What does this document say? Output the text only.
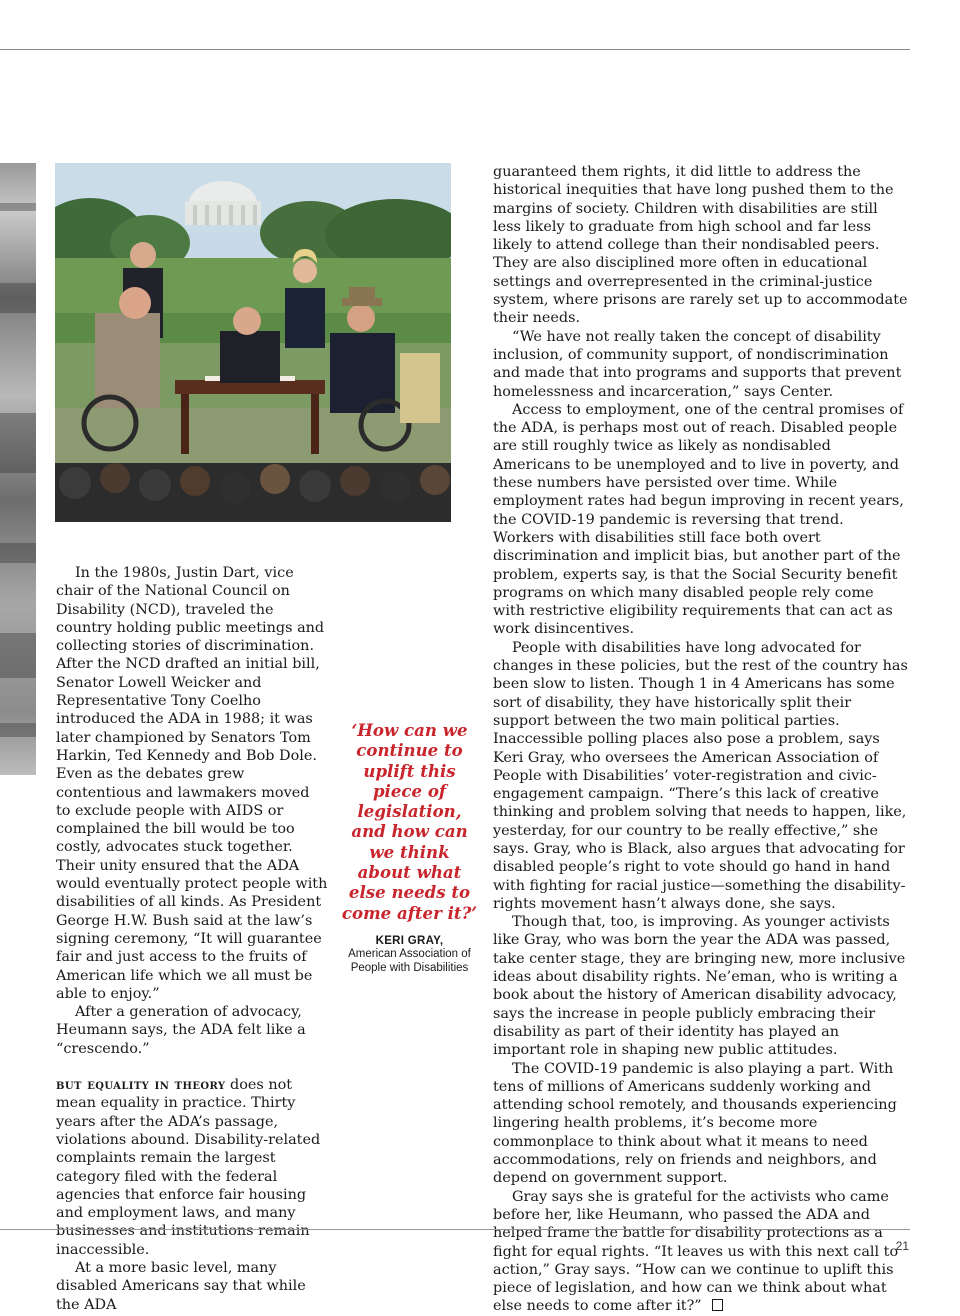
In the 1980s, Justin Dart, vice chair of the National Council on Disability (NCD), traveled the country holding public meetings and collecting stories of discrimination. After the NCD drafted an initial bill, Senator Lowell Weicker and Representative Tony Coelho introduced the ADA in 1988; it was later championed by Senators Tom Harkin, Ted Kennedy and Bob Dole. Even as the debates grew contentious and lawmakers moved to exclude people with AIDS or complained the bill would be too costly, advocates stuck together. Their unity ensured that the ADA would eventually protect people with disabilities of all kinds. As President George H.W. Bush said at the law’s signing ceremony, “It will guarantee fair and just access to the fruits of American life which we all must be able to enjoy.”

After a generation of advocacy, Heumann says, the ADA felt like a “crescendo.”

but equality in theory does not mean equality in practice. Thirty years after the ADA’s passage, violations abound. Disability-related complaints remain the largest category filed with the federal agencies that enforce fair housing and employment laws, and many businesses and institutions remain inaccessible.

At a more basic level, many disabled Americans say that while the ADA

‘How can we continue to uplift this piece of legislation, and how can we think about what else needs to come after it?’

KERI GRAY,
American Association of People with Disabilities

guaranteed them rights, it did little to address the historical inequities that have long pushed them to the margins of society. Children with disabilities are still less likely to graduate from high school and far less likely to attend college than their nondisabled peers. They are also disciplined more often in educational settings and overrepresented in the criminal-justice system, where prisons are rarely set up to accommodate their needs.

“We have not really taken the concept of disability inclusion, of community support, of nondiscrimination and made that into programs and supports that prevent homelessness and incarceration,” says Center.

Access to employment, one of the central promises of the ADA, is perhaps most out of reach. Disabled people are still roughly twice as likely as nondisabled Americans to be unemployed and to live in poverty, and these numbers have persisted over time. While employment rates had begun improving in recent years, the COVID-19 pandemic is reversing that trend. Workers with disabilities still face both overt discrimination and implicit bias, but another part of the problem, experts say, is that the Social Security benefit programs on which many disabled people rely come with restrictive eligibility requirements that can act as work disincentives.

People with disabilities have long advocated for changes in these policies, but the rest of the country has been slow to listen. Though 1 in 4 Americans has some sort of disability, they have historically split their support between the two main political parties. Inaccessible polling places also pose a problem, says Keri Gray, who oversees the American Association of People with Disabilities’ voter-registration and civic-engagement campaign. “There’s this lack of creative thinking and problem solving that needs to happen, like, yesterday, for our country to be really effective,” she says. Gray, who is Black, also argues that advocating for disabled people’s right to vote should go hand in hand with fighting for racial justice—something the disability-rights movement hasn’t always done, she says.

Though that, too, is improving. As younger activists like Gray, who was born the year the ADA was passed, take center stage, they are bringing new, more inclusive ideas about disability rights. Ne’eman, who is writing a book about the history of American disability advocacy, says the increase in people publicly embracing their disability as part of their identity has played an important role in shaping new public attitudes.

The COVID-19 pandemic is also playing a part. With tens of millions of Americans suddenly working and attending school remotely, and thousands experiencing lingering health problems, it’s become more commonplace to think about what it means to need accommodations, rely on friends and neighbors, and depend on government support.

Gray says she is grateful for the activists who came before her, like Heumann, who passed the ADA and helped frame the battle for disability protections as a fight for equal rights. “It leaves us with this next call to action,” Gray says. “How can we continue to uplift this piece of legislation, and how can we think about what else needs to come after it?”

21
